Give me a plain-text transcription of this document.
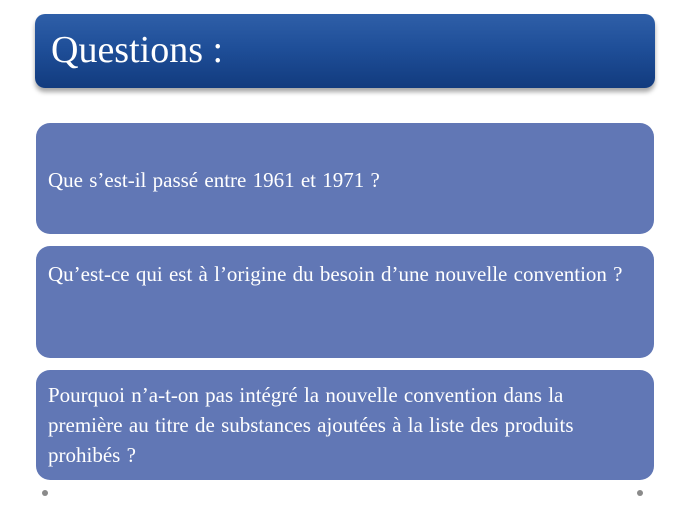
Questions :
Que s’est-il passé entre 1961 et 1971 ?
Qu’est-ce qui est à l’origine du besoin d’une nouvelle convention ?
Pourquoi n’a-t-on pas intégré la nouvelle convention dans la première au titre de substances ajoutées à la liste des produits prohibés ?
